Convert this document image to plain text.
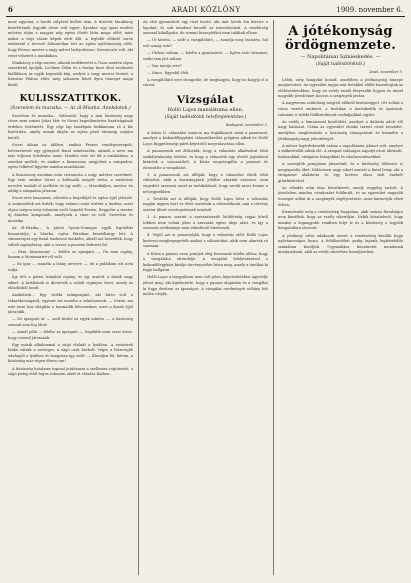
6	ARADI KÖZLÖNY	1909. november 6.

most agyonat, a hordó sulyával hullott rám. A tüzérek Munkácsy kísérletének legjobb része volt egyet, ilyenkor egy igazi eredeti művész útján a magyar nép egész életét látta maga előtt, mint mikor a régi vásári képek előtt állt. A legtöbb előkelő sorsú embernél a tervező áldozatokat tett az egész nyilvánosság előtt, hogy Ferenc mester a nagy művet befejezhesse; Szerencsés volt, aki részt vehetett a munkában.

Munkácsy a régi mester, akinek emlékezetét a Tisza mentén olyan szeretettel ápolják, Lechner Ödön és a Szalay Imre által rendezett kiállításon az egyik legszebb kép, melyet a nagy mester festett, a Krisztus Pilátus előtt, még sohasem látott ilyen tömeget maga körül.

KULISSZATITKOK.
(Szerelem és muzsika. — Az ál-Miarka. Anekdotok.)

Szerelem és muzsika... Valószínű, hogy a mai közönség nagy része nem ismeri Jokai Mór és Sivori hegedűművész barátságának érdekes történetét. Egy régi lap hasábjain bukkantam rá a kis históriára, amely annak idején az egész pesti társaság szájára került.

Sivori abban az időben, amikor Pesten vendégszerepelt, beleszeretett egy gyönyörű fiatal színésznőbe, akinek a neve ma már teljesen feledésbe ment. Minden este ott ült a színházban, a zenekar mellett, és amikor a kisasszony megjelent a színpadon, egész lelkével figyelte minden mozdulatát.

A kisasszony azonban nem viszonozta a nagy művész szerelmét. Egy este, amikor Sivori a kulisszák mögött várta, a színésznő nevetve szaladt el mellette és így szólt: — Muzsikáljon, mester, én addig a színpadon játszom.

Sivori erre hazament, elővette a hegedűjét és egész éjjel játszott. A szomszédok azt hitték, hogy valami csoda történt a házban, mert olyan szépen még sohasem szólt hegedű Pesten. Reggelre a mester új darabot komponált, amelynek a címe ez volt: Szerelem és muzsika.

Az ál-Miarka... A párisi Opera-Comique egyik legutóbbi bemutatója, a Miarka, egész Párisban beszédtárgy lett. A címszerepet egy fiatal énekesnő énekelte, akiről azt beszélték, hogy valódi cigányleány, akit a szerző a pusztán fedezett fel.

— Nem, kisasszony! — felelte az igazgató. — Ön nem cigány, hanem a Montmartre-ről való.

— Ez igaz — mondta a leány nevetve —, de a publikum ezt nem tudja.

Így lett a párisi leányból cigány, és így aratott a darab nagy sikert. A kritikusok is dicsérték a valódi cigányos tüzet, amely az előadásból áradt.

Anekdotok... Egy vidéki színigazgató, aki híres volt a takarékosságáról, egyszer azt mondta a színészeinek: — Uraim, ma este nem lesz világítás a harmadik felvonásban, mert a darab éjjel játszódik.

— De igazgató úr — szólt közbe az egyik színész —, a közönség semmit sem fog látni!

— Annál jobb — felelte az igazgató —, legalább nem veszi észre, hogy rosszul játszanak.

Egy másik alkalommal a súgó elaludt a lyukban. A színészek hiába vártak a szövegre, a súgó csak horkolt. Végre a főszereplő odahajolt a lyukhoz és hangosan így szólt: — Ébredjen fel, kérem, a közönség már régen ébren van!

A közönség hatalmas tapssal jutalmazta a szellemes rögtönzést, a súgó pedig ettől fogva sohasem aludt el előadás közben.

Az első gyanusított egy tiszt lesztó, aki már hetek óta kísérte a lapokat, és sok mindent beszélt az ismerőseinek. A rendőrség azonnal kihallgatta, de semmi bizonyítékot nem találtak ellene.

— Úr kérem, — szólt a vizsgálóbíró, — mondja meg őszintén, hol volt aznap este?

— Otthon voltam, — felelte a gyanúsított. — Egész este olvastam, senki sem járt nálam.

— Van tanúja erre?

— Nincs. Egyedül élek.

A vizsgálóbíró erre elengedte, de meghagyta, hogy ne hagyja el a várost.

Vizsgálat
Holló Lajos mandátuma ellen.
(Saját tudósítónk telefonjelentése.)

Budapest, november 5.

A Kúria II. választási tanácsa ma foglalkozott azzal a panasszal, amelyet a kiskunfélegyházi választókerület polgárai adtak be Holló Lajos függetlenségi párti képviselő megválasztása ellen.

A panaszosok azt állították, hogy a választás alkalmával több szabálytalanság történt, és hogy a választók egy részét jogtalanul kizárták a szavazásból. A Kúria megvizsgálta a panaszt és elrendelte a vizsgálatot.

1. A panaszosok azt állítják, hogy a választási elnök több választót, akik a kormánypárti jelöltre akartak szavazni, nem engedett szavazni azzal az indokolással, hogy nevük nincs benne a névjegyzékben.

2. Továbbá azt is állítják, hogy Holló Lajos hívei a választás napján ingyen bort és ételt osztottak a választóknak, ami a törvény szerint tiltott vesztegetésnek minősül.

3. A panasz szerint a szavazatszedő küldöttség tagjai közül többen nem voltak jelen a szavazás egész ideje alatt, és így a szavazás eredménye nem tekinthető hitelesnek.

4. Végül azt is panaszolják, hogy a választás előtt Holló Lajos kortesei megfenyegették azokat a választókat, akik nem akartak rá szavazni.

A Kúria a panasz ezen pontjait elég fontosnak találta ahhoz, hogy a vizsgálatot elrendelje. A vizsgálat lefolytatásával a kiskunfélegyházi királyi törvényszéket bízta meg, amely a tanúkat ki fogja hallgatni.

Holló Lajos a tárgyaláson nem volt jelen, képviseletében ügyvédje jelent meg, aki kijelentette, hogy a panasz alaptalan és a vizsgálat ki fogja deríteni az igazságot. A vizsgálat eredményét néhány hét múlva várják.

A jótékonyság ördögnemzete.
— Napolitániai Szinieskedés. —
(Saját tudósítónktól.)

Arad, november 5.

Lélek, szép hangulat honolt, amelyben a jótékonyság ünnepe megtartatott. Az egyesület tagjai már hetekkel előbb hozzáfogtak az előkészületekhez, hogy az estély minél fényesebb legyen és minél nagyobb jövedelmet hozzon a szegények javára.

A nagyterem zsúfolásig megtelt előkelő közönséggel. Ott voltak a város vezető emberei, a tisztikar, a kereskedők és iparosok, valamint a vidéki földbirtokosok családjaikkal együtt.

Az estély a himnusszal kezdődött, amelyet a dalárda adott elő nagy hatással. Utána az egyesület elnöke tartott rövid beszédet, amelyben megköszönte a közönség támogatását és kiemelte a jótékonyság nagy jelentőségét.

A műsor legérdekesebb száma a napolitániai jelenet volt, amelyet a műkedvelők adtak elő. A színpad valóságos nápolyi utcát ábrázolt, halászokkal, virágárus leányokkal és vándorzenészekkel.

A szereplők pompásan játszottak, és a közönség többször is megtapsolta őket. Különösen nagy sikert aratott a fiatal leány, aki a virágárust alakította és egy kedves olasz dalt énekelt gitárkísérettel.

Az előadás után tánc következett, amely reggelig tartott. A jövedelem minden várakozást felülmúlt, és az egyesület nagyobb összeget adhat át a szegények segélyezésére, mint bármelyik előző évben.

Kiemelendő még a rendezőség buzgalma, akik semmi fáradságot nem kíméltek, hogy az estély sikerüljön. Nekik köszönhető, hogy minden a legnagyobb rendben folyt le és a közönség a legjobb hangulatban távozott.

A jótékony célra adakozók neveit a rendezőség később fogja nyilvánosságra hozni, a felülfizetőkét pedig lapunk legközelebbi számában közöljük. Ugyanakkor köszönetet mondanak mindazoknak, akik az estély sikeréhez hozzájárultak.
